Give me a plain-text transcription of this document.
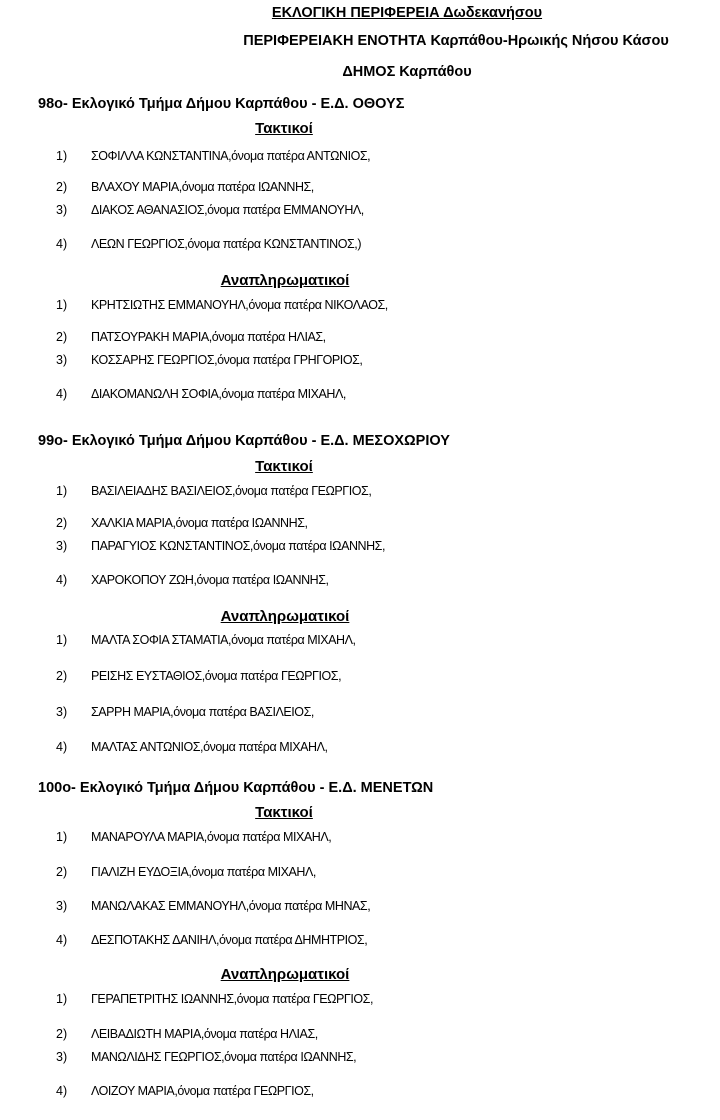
ΕΚΛΟΓΙΚΗ ΠΕΡΙΦΕΡΕΙΑ Δωδεκανήσου
ΠΕΡΙΦΕΡΕΙΑΚΗ ΕΝΟΤΗΤΑ Καρπάθου-Ηρωικής Νήσου Κάσου
ΔΗΜΟΣ Καρπάθου
98ο- Εκλογικό Τμήμα Δήμου Καρπάθου - Ε.Δ. ΟΘΟΥΣ
Τακτικοί
1) ΣΟΦΙΛΛΑ ΚΩΝΣΤΑΝΤΙΝΑ,όνομα πατέρα ΑΝΤΩΝΙΟΣ,
2) ΒΛΑΧΟΥ ΜΑΡΙΑ,όνομα πατέρα ΙΩΑΝΝΗΣ,
3) ΔΙΑΚΟΣ ΑΘΑΝΑΣΙΟΣ,όνομα πατέρα ΕΜΜΑΝΟΥΗΛ,
4) ΛΕΩΝ ΓΕΩΡΓΙΟΣ,όνομα πατέρα ΚΩΝΣΤΑΝΤΙΝΟΣ,)
Αναπληρωματικοί
1) ΚΡΗΤΣΙΩΤΗΣ ΕΜΜΑΝΟΥΗΛ,όνομα πατέρα ΝΙΚΟΛΑΟΣ,
2) ΠΑΤΣΟΥΡΑΚΗ ΜΑΡΙΑ,όνομα πατέρα ΗΛΙΑΣ,
3) ΚΟΣΣΑΡΗΣ ΓΕΩΡΓΙΟΣ,όνομα πατέρα ΓΡΗΓΟΡΙΟΣ,
4) ΔΙΑΚΟΜΑΝΩΛΗ ΣΟΦΙΑ,όνομα πατέρα ΜΙΧΑΗΛ,
99ο- Εκλογικό Τμήμα Δήμου Καρπάθου - Ε.Δ. ΜΕΣΟΧΩΡΙΟΥ
Τακτικοί
1) ΒΑΣΙΛΕΙΑΔΗΣ ΒΑΣΙΛΕΙΟΣ,όνομα πατέρα ΓΕΩΡΓΙΟΣ,
2) ΧΑΛΚΙΑ ΜΑΡΙΑ,όνομα πατέρα ΙΩΑΝΝΗΣ,
3) ΠΑΡΑΓΥΙΟΣ ΚΩΝΣΤΑΝΤΙΝΟΣ,όνομα πατέρα ΙΩΑΝΝΗΣ,
4) ΧΑΡΟΚΟΠΟΥ ΖΩΗ,όνομα πατέρα ΙΩΑΝΝΗΣ,
Αναπληρωματικοί
1) ΜΑΛΤΑ ΣΟΦΙΑ ΣΤΑΜΑΤΙΑ,όνομα πατέρα ΜΙΧΑΗΛ,
2) ΡΕΙΣΗΣ ΕΥΣΤΑΘΙΟΣ,όνομα πατέρα ΓΕΩΡΓΙΟΣ,
3) ΣΑΡΡΗ ΜΑΡΙΑ,όνομα πατέρα ΒΑΣΙΛΕΙΟΣ,
4) ΜΑΛΤΑΣ ΑΝΤΩΝΙΟΣ,όνομα πατέρα ΜΙΧΑΗΛ,
100ο- Εκλογικό Τμήμα Δήμου Καρπάθου - Ε.Δ. ΜΕΝΕΤΩΝ
Τακτικοί
1) ΜΑΝΑΡΟΥΛΑ ΜΑΡΙΑ,όνομα πατέρα ΜΙΧΑΗΛ,
2) ΓΙΑΛΙΖΗ ΕΥΔΟΞΙΑ,όνομα πατέρα ΜΙΧΑΗΛ,
3) ΜΑΝΩΛΑΚΑΣ ΕΜΜΑΝΟΥΗΛ,όνομα πατέρα ΜΗΝΑΣ,
4) ΔΕΣΠΟΤΑΚΗΣ ΔΑΝΙΗΛ,όνομα πατέρα ΔΗΜΗΤΡΙΟΣ,
Αναπληρωματικοί
1) ΓΕΡΑΠΕΤΡΙΤΗΣ ΙΩΑΝΝΗΣ,όνομα πατέρα ΓΕΩΡΓΙΟΣ,
2) ΛΕΙΒΑΔΙΩΤΗ ΜΑΡΙΑ,όνομα πατέρα ΗΛΙΑΣ,
3) ΜΑΝΩΛΙΔΗΣ ΓΕΩΡΓΙΟΣ,όνομα πατέρα ΙΩΑΝΝΗΣ,
4) ΛΟΙΖΟΥ ΜΑΡΙΑ,όνομα πατέρα ΓΕΩΡΓΙΟΣ,
